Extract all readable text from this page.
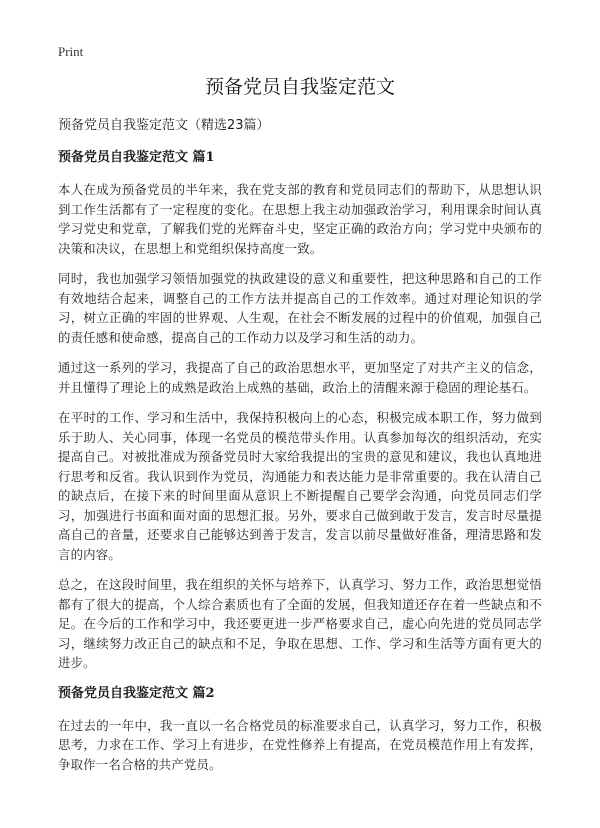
Print
预备党员自我鉴定范文
预备党员自我鉴定范文（精选23篇）
预备党员自我鉴定范文 篇1

本人在成为预备党员的半年来，我在党支部的教育和党员同志们的帮助下，从思想认识到工作生活都有了一定程度的变化。在思想上我主动加强政治学习，利用课余时间认真学习党史和党章，了解我们党的光辉奋斗史，坚定正确的政治方向；学习党中央颁布的决策和决议，在思想上和党组织保持高度一致。

同时，我也加强学习领悟加强党的执政建设的意义和重要性，把这种思路和自己的工作有效地结合起来，调整自己的工作方法并提高自己的工作效率。通过对理论知识的学习，树立正确的牢固的世界观、人生观，在社会不断发展的过程中的价值观，加强自己的责任感和使命感，提高自己的工作动力以及学习和生活的动力。

通过这一系列的学习，我提高了自己的政治思想水平，更加坚定了对共产主义的信念，并且懂得了理论上的成熟是政治上成熟的基础，政治上的清醒来源于稳固的理论基石。

在平时的工作、学习和生活中，我保持积极向上的心态，积极完成本职工作，努力做到乐于助人、关心同事，体现一名党员的模范带头作用。认真参加每次的组织活动，充实提高自己。对被批准成为预备党员时大家给我提出的宝贵的意见和建议，我也认真地进行思考和反省。我认识到作为党员，沟通能力和表达能力是非常重要的。我在认清自己的缺点后，在接下来的时间里面从意识上不断提醒自己要学会沟通，向党员同志们学习，加强进行书面和面对面的思想汇报。另外，要求自己做到敢于发言，发言时尽量提高自己的音量，还要求自己能够达到善于发言，发言以前尽量做好准备，理清思路和发言的内容。

总之，在这段时间里，我在组织的关怀与培养下，认真学习、努力工作，政治思想觉悟都有了很大的提高，个人综合素质也有了全面的发展，但我知道还存在着一些缺点和不足。在今后的工作和学习中，我还要更进一步严格要求自己，虚心向先进的党员同志学习，继续努力改正自己的缺点和不足，争取在思想、工作、学习和生活等方面有更大的进步。

预备党员自我鉴定范文 篇2

在过去的一年中，我一直以一名合格党员的标准要求自己，认真学习，努力工作，积极思考，力求在工作、学习上有进步，在党性修养上有提高，在党员模范作用上有发挥，争取作一名合格的共产党员。
